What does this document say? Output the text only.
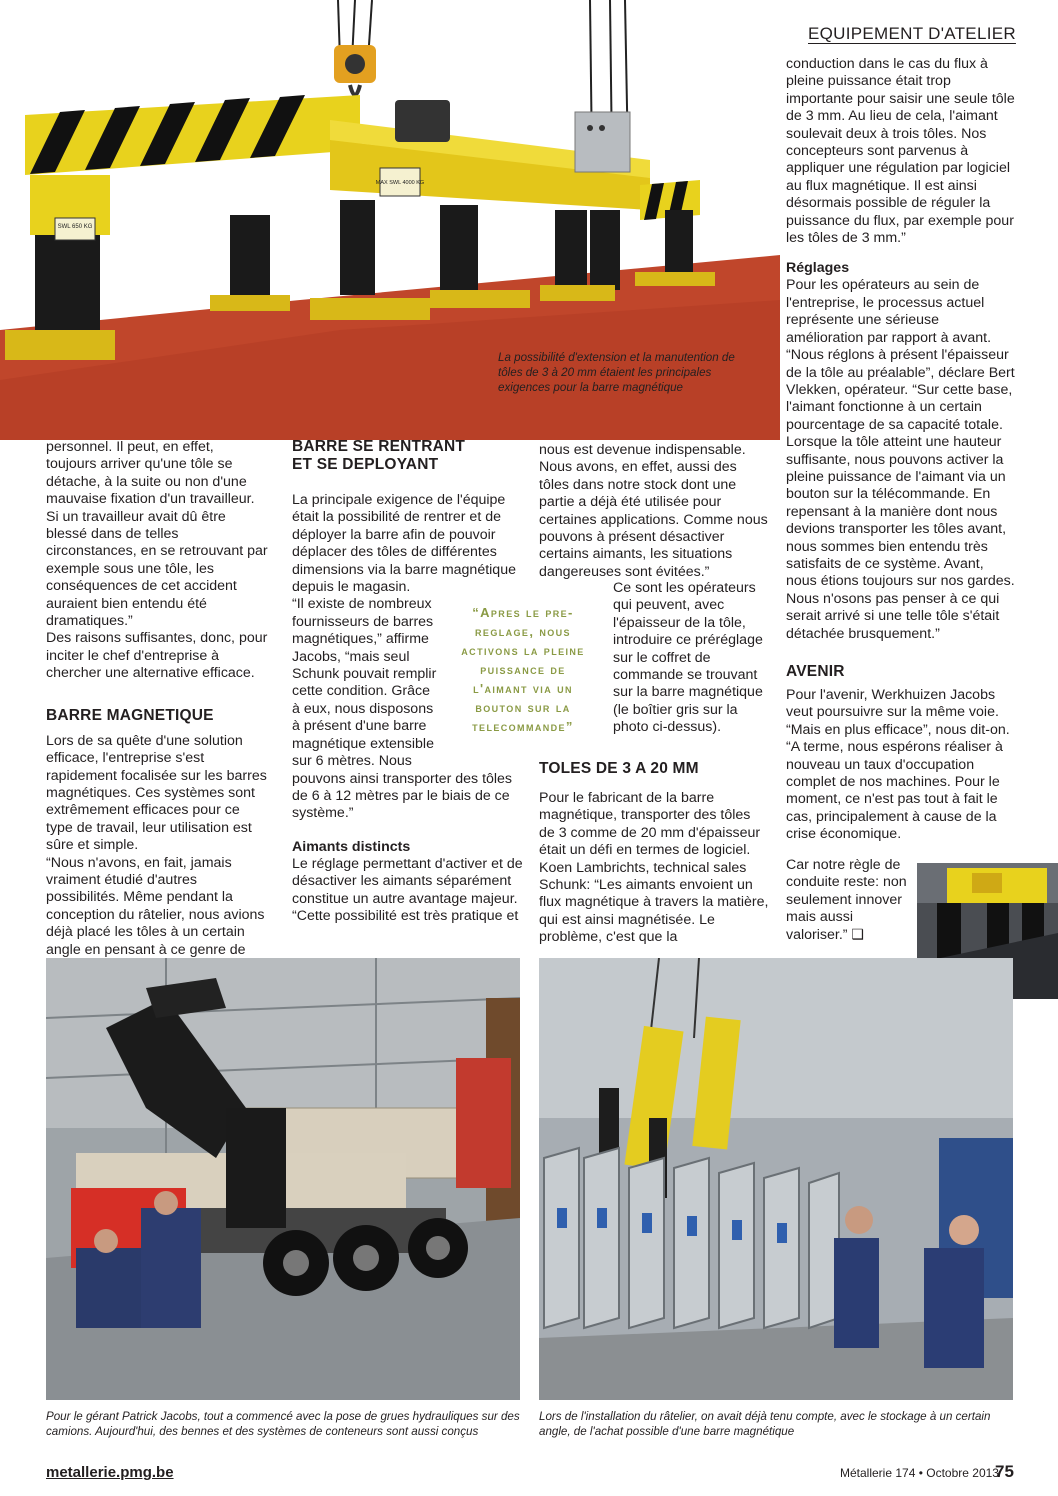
SWL 650 KG
MAX SWL 4000 KG
La possibilité d'extension et la manutention de tôles de 3 à 20 mm étaient les principales exigences pour la barre magnétique
EQUIPEMENT D'ATELIER

conduction dans le cas du flux à pleine puissance était trop importante pour saisir une seule tôle de 3 mm. Au lieu de cela, l'aimant soulevait deux à trois tôles. Nos concepteurs sont parvenus à appliquer une régulation par logiciel au flux magnétique. Il est ainsi désormais possible de réguler la puissance du flux, par exemple pour les tôles de 3 mm.”

Réglages

Pour les opérateurs au sein de l'entreprise, le processus actuel représente une sérieuse amélioration par rapport à avant. “Nous réglons à présent l'épaisseur de la tôle au préalable”, déclare Bert Vlekken, opérateur. “Sur cette base, l'aimant fonctionne à un certain pourcentage de sa capacité totale. Lorsque la tôle atteint une hauteur suffisante, nous pouvons activer la pleine puissance de l'aimant via un bouton sur la télécommande. En repensant à la manière dont nous devions transporter les tôles avant, nous sommes bien entendu très satisfaits de ce système. Avant, nous étions toujours sur nos gardes. Nous n'osons pas penser à ce qui serait arrivé si une telle tôle s'était détachée brusquement.”

AVENIR

Pour l'avenir, Werkhuizen Jacobs veut poursuivre sur la même voie. “Mais en plus efficace”, nous dit-on. “A terme, nous espérons réaliser à nouveau un taux d'occupation complet de nos machines. Pour le moment, ce n'est pas tout à fait le cas, principalement à cause de la crise économique.

Car notre règle de

conduite reste: non

seulement innover

mais aussi

valoriser.” ❑

personnel. Il peut, en effet, toujours arriver qu'une tôle se détache, à la suite ou non d'une mauvaise fixation d'un travailleur. Si un travailleur avait dû être blessé dans de telles circonstances, en se retrouvant par exemple sous une tôle, les conséquences de cet accident auraient bien entendu été dramatiques.”

Des raisons suffisantes, donc, pour inciter le chef d'entreprise à chercher une alternative efficace.

BARRE MAGNETIQUE

Lors de sa quête d'une solution efficace, l'entreprise s'est rapidement focalisée sur les barres magnétiques. Ces systèmes sont extrêmement efficaces pour ce type de travail, leur utilisation est sûre et simple.

“Nous n'avons, en fait, jamais vraiment étudié d'autres possibilités. Même pendant la conception du râtelier, nous avions déjà placé les tôles à un certain angle en pensant à ce genre de

BARRE SE RENTRANT

ET SE DEPLOYANT

La principale exigence de l'équipe était la possibilité de rentrer et de déployer la barre afin de pouvoir déplacer des tôles de différentes dimensions via la barre magnétique depuis le magasin.

“Il existe de nombreux

fournisseurs de barres

magnétiques,” affirme

Jacobs, “mais seul

Schunk pouvait remplir

cette condition. Grâce

à eux, nous disposons

à présent d'une barre

magnétique extensible

sur 6 mètres. Nous

pouvons ainsi transporter des tôles de 6 à 12 mètres par le biais de ce système.”

Aimants distincts

Le réglage permettant d'activer et de désactiver les aimants séparément constitue un autre avantage majeur.

“Cette possibilité est très pratique et

“Apres le pre-reglage, nous activons la pleine puissance de l'aimant via un bouton sur la telecommande”

nous est devenue indispensable. Nous avons, en effet, aussi des tôles dans notre stock dont une partie a déjà été utilisée pour certaines applications. Comme nous pouvons à présent désactiver certains aimants, les situations dangereuses sont évitées.”

Ce sont les opérateurs

qui peuvent, avec

l'épaisseur de la tôle,

introduire ce préréglage

sur le coffret de

commande se trouvant

sur la barre magnétique

(le boîtier gris sur la

photo ci-dessus).

TOLES DE 3 A 20 MM

Pour le fabricant de la barre magnétique, transporter des tôles de 3 comme de 20 mm d'épaisseur était un défi en termes de logiciel. Koen Lambrichts, technical sales Schunk: “Les aimants envoient un flux magnétique à travers la matière, qui est ainsi magnétisée. Le problème, c'est que la

Pour le gérant Patrick Jacobs, tout a commencé avec la pose de grues hydrauliques sur des camions. Aujourd'hui, des bennes et des systèmes de conteneurs sont aussi conçus
Lors de l'installation du râtelier, on avait déjà tenu compte, avec le stockage à un certain angle, de l'achat possible d'une barre magnétique
metallerie.pmg.be	Métallerie 174 • Octobre 2013
75
